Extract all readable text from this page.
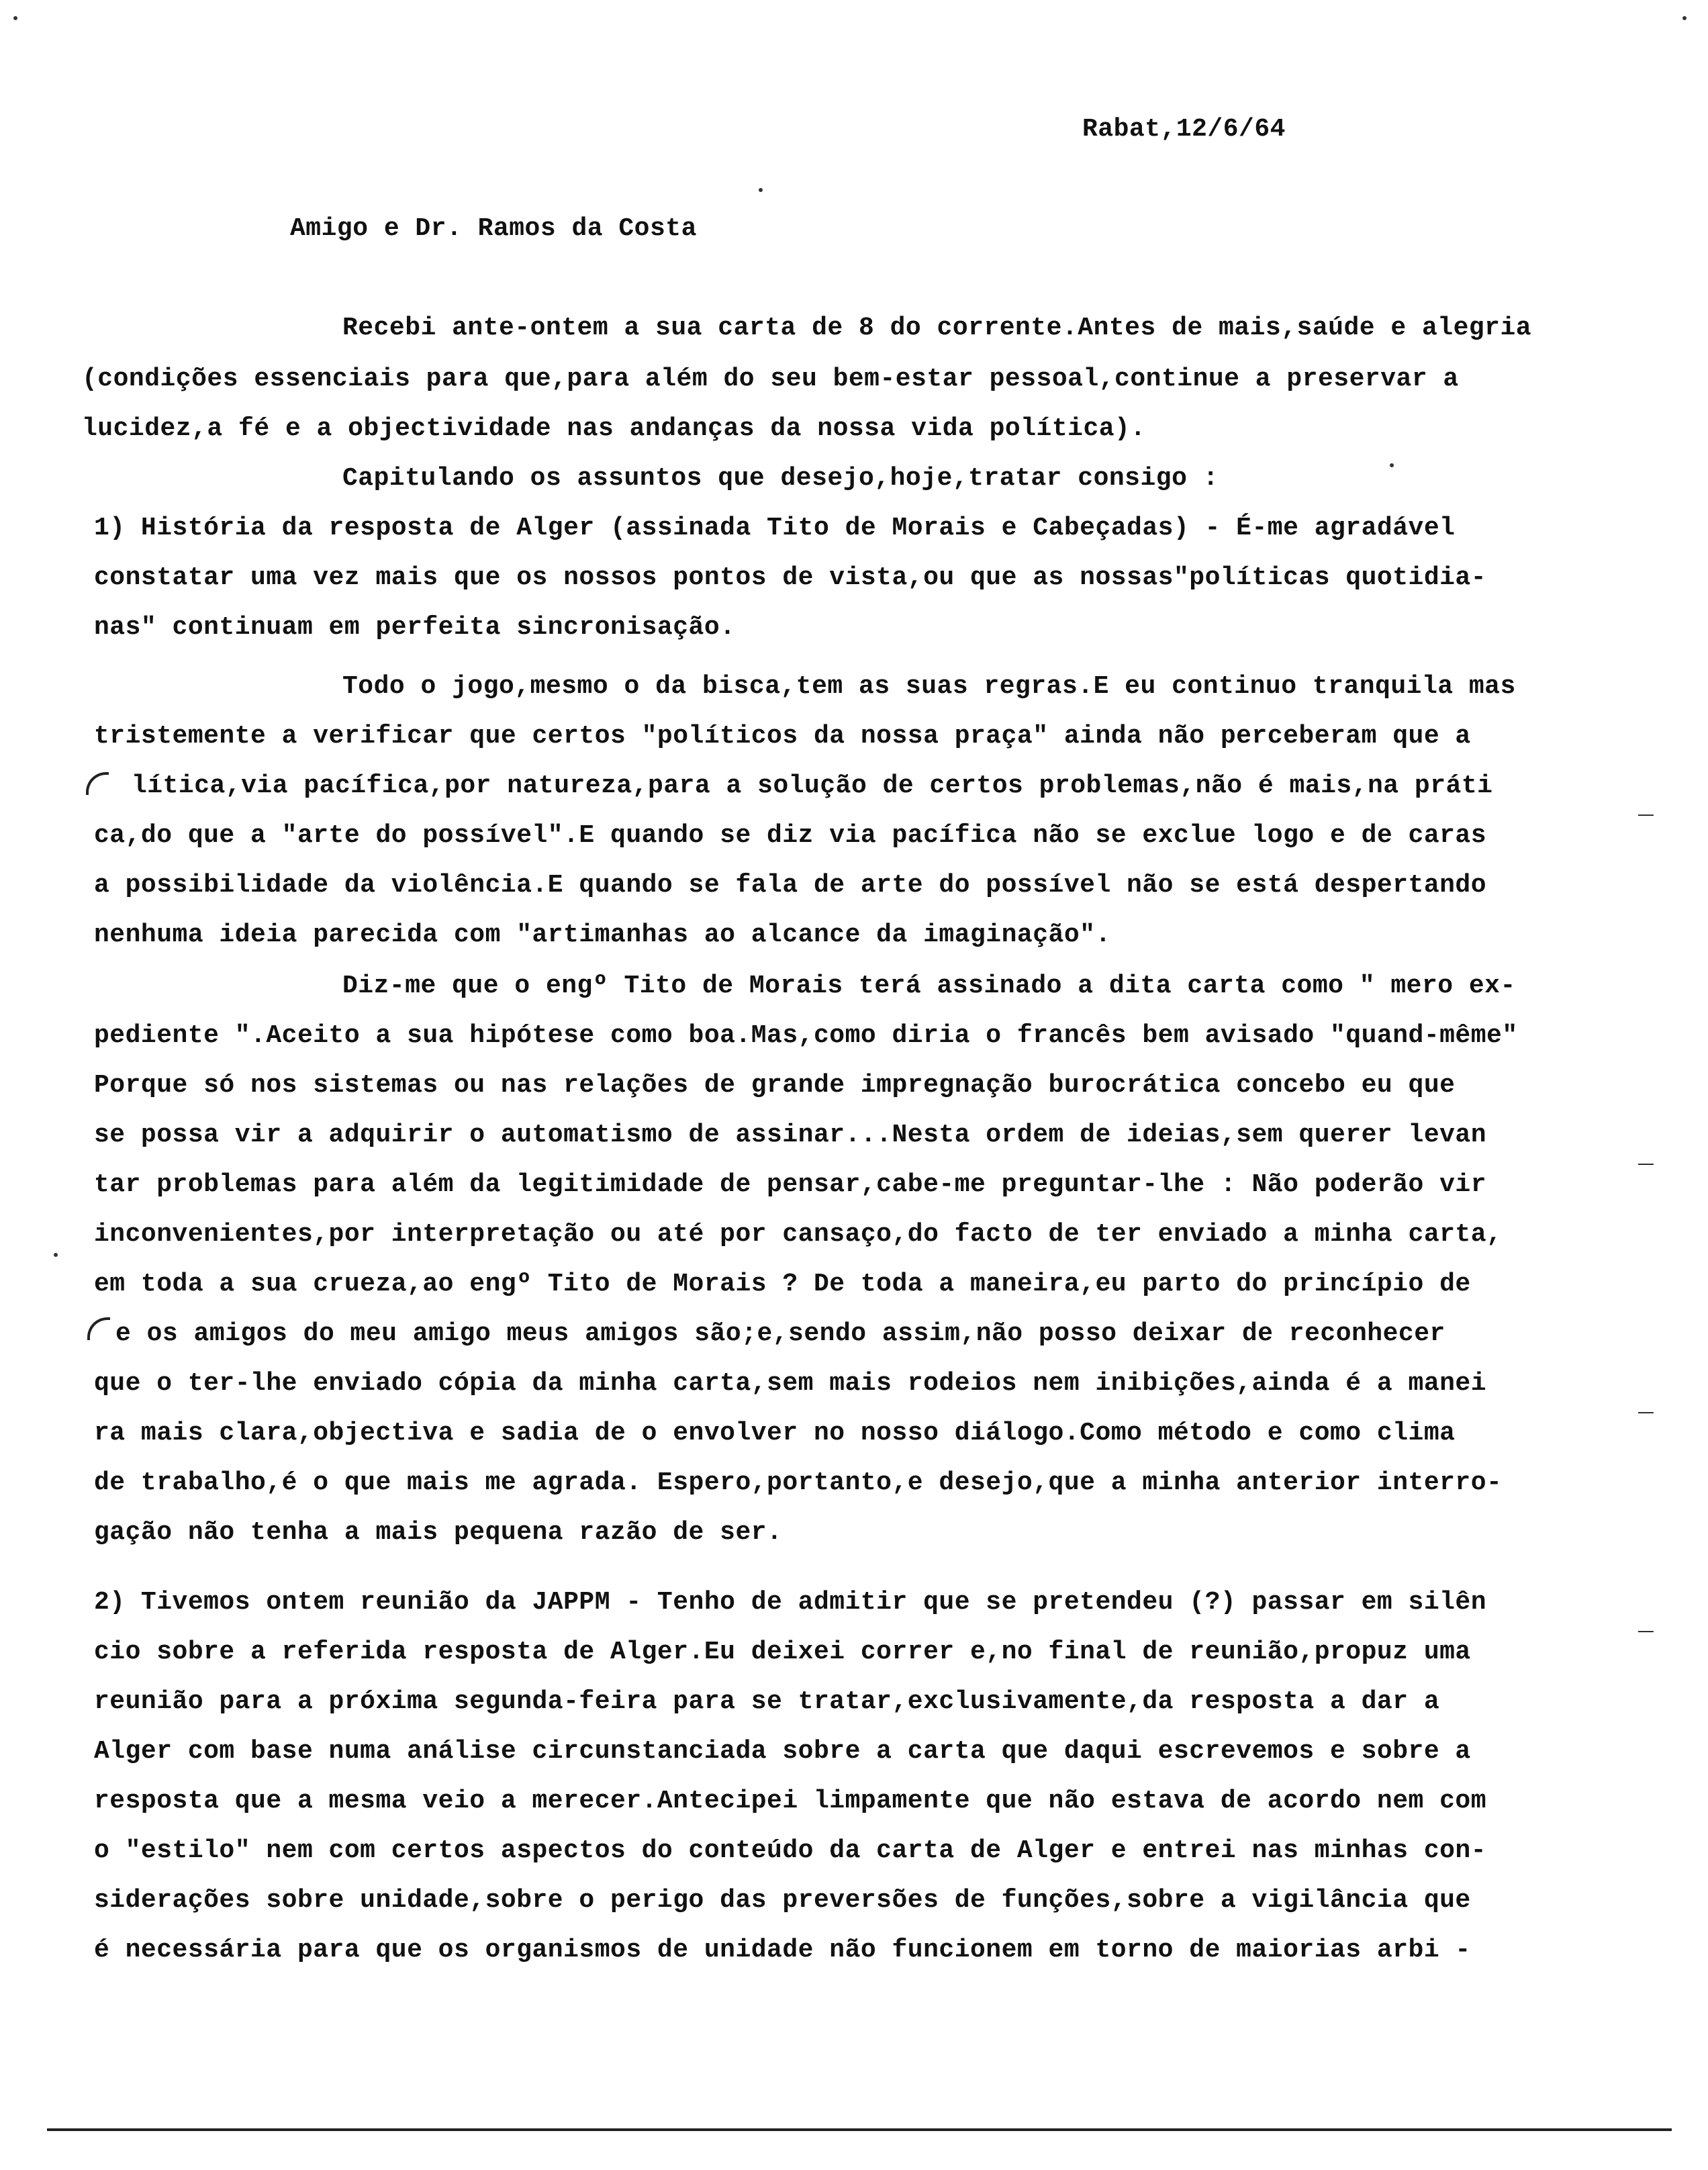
Rabat,12/6/64
Amigo e Dr. Ramos da Costa
Recebi ante-ontem a sua carta de 8 do corrente.Antes de mais,saúde e alegria
(condições essenciais para que,para além do seu bem-estar pessoal,continue a preservar a
lucidez,a fé e a objectividade nas andanças da nossa vida política).
Capitulando os assuntos que desejo,hoje,tratar consigo :
1) História da resposta de Alger (assinada Tito de Morais e Cabeçadas) - É-me agradável
constatar uma vez mais que os nossos pontos de vista,ou que as nossas"políticas quotidia-
nas" continuam em perfeita sincronisação.
Todo o jogo,mesmo o da bisca,tem as suas regras.E eu continuo tranquila mas
tristemente a verificar que certos "políticos da nossa praça" ainda não perceberam que a
lítica,via pacífica,por natureza,para a solução de certos problemas,não é mais,na práti
ca,do que a "arte do possível".E quando se diz via pacífica não se exclue logo e de caras
a possibilidade da violência.E quando se fala de arte do possível não se está despertando
nenhuma ideia parecida com "artimanhas ao alcance da imaginação".
Diz-me que o engº Tito de Morais terá assinado a dita carta como " mero ex-
pediente ".Aceito a sua hipótese como boa.Mas,como diria o francês bem avisado "quand-même"
Porque só nos sistemas ou nas relações de grande impregnação burocrática concebo eu que
se possa vir a adquirir o automatismo de assinar...Nesta ordem de ideias,sem querer levan
tar problemas para além da legitimidade de pensar,cabe-me preguntar-lhe : Não poderão vir
inconvenientes,por interpretação ou até por cansaço,do facto de ter enviado a minha carta,
em toda a sua crueza,ao engº Tito de Morais ? De toda a maneira,eu parto do princípio de
e os amigos do meu amigo meus amigos são;e,sendo assim,não posso deixar de reconhecer
que o ter-lhe enviado cópia da minha carta,sem mais rodeios nem inibições,ainda é a manei
ra mais clara,objectiva e sadia de o envolver no nosso diálogo.Como método e como clima
de trabalho,é o que mais me agrada. Espero,portanto,e desejo,que a minha anterior interro-
gação não tenha a mais pequena razão de ser.
2) Tivemos ontem reunião da JAPPM - Tenho de admitir que se pretendeu (?) passar em silên
cio sobre a referida resposta de Alger.Eu deixei correr e,no final de reunião,propuz uma
reunião para a próxima segunda-feira para se tratar,exclusivamente,da resposta a dar a
Alger com base numa análise circunstanciada sobre a carta que daqui escrevemos e sobre a
resposta que a mesma veio a merecer.Antecipei limpamente que não estava de acordo nem com
o "estilo" nem com certos aspectos do conteúdo da carta de Alger e entrei nas minhas con-
siderações sobre unidade,sobre o perigo das preversões de funções,sobre a vigilância que
é necessária para que os organismos de unidade não funcionem em torno de maiorias arbi -
_
_
_
_
